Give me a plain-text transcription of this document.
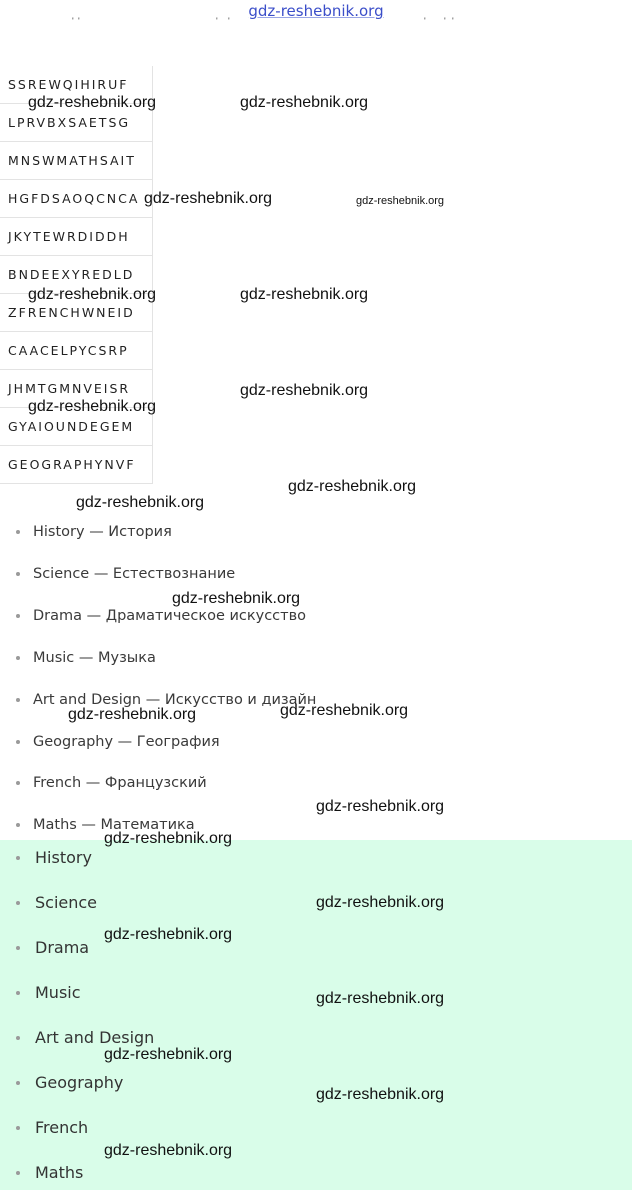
gdz-reshebnik.org
' '	' '	' ' '
SSREWQIHIRUF
LPRVBXSAETSG
MNSWMATHSAIT
HGFDSAOQCNCA
JKYTEWRDIDDH
BNDEEXYREDLD
ZFRENCHWNEID
CAACELPYCSRP
JHMTGMNVEISR
GYAIOUNDEGEM
GEOGRAPHYNVF
History — История
Science — Естествознание
Drama — Драматическое искусство
Music — Музыка
Art and Design — Искусство и дизайн
Geography — География
French — Французский
Maths — Математика
History
Science
Drama
Music
Art and Design
Geography
French
Maths
gdz-reshebnik.org	gdz-reshebnik.org
gdz-reshebnik.org	gdz-reshebnik.org
gdz-reshebnik.org	gdz-reshebnik.org
gdz-reshebnik.org
gdz-reshebnik.org
gdz-reshebnik.org
gdz-reshebnik.org
gdz-reshebnik.org
gdz-reshebnik.org	gdz-reshebnik.org
gdz-reshebnik.org
gdz-reshebnik.org
gdz-reshebnik.org
gdz-reshebnik.org
gdz-reshebnik.org
gdz-reshebnik.org
gdz-reshebnik.org
gdz-reshebnik.org
